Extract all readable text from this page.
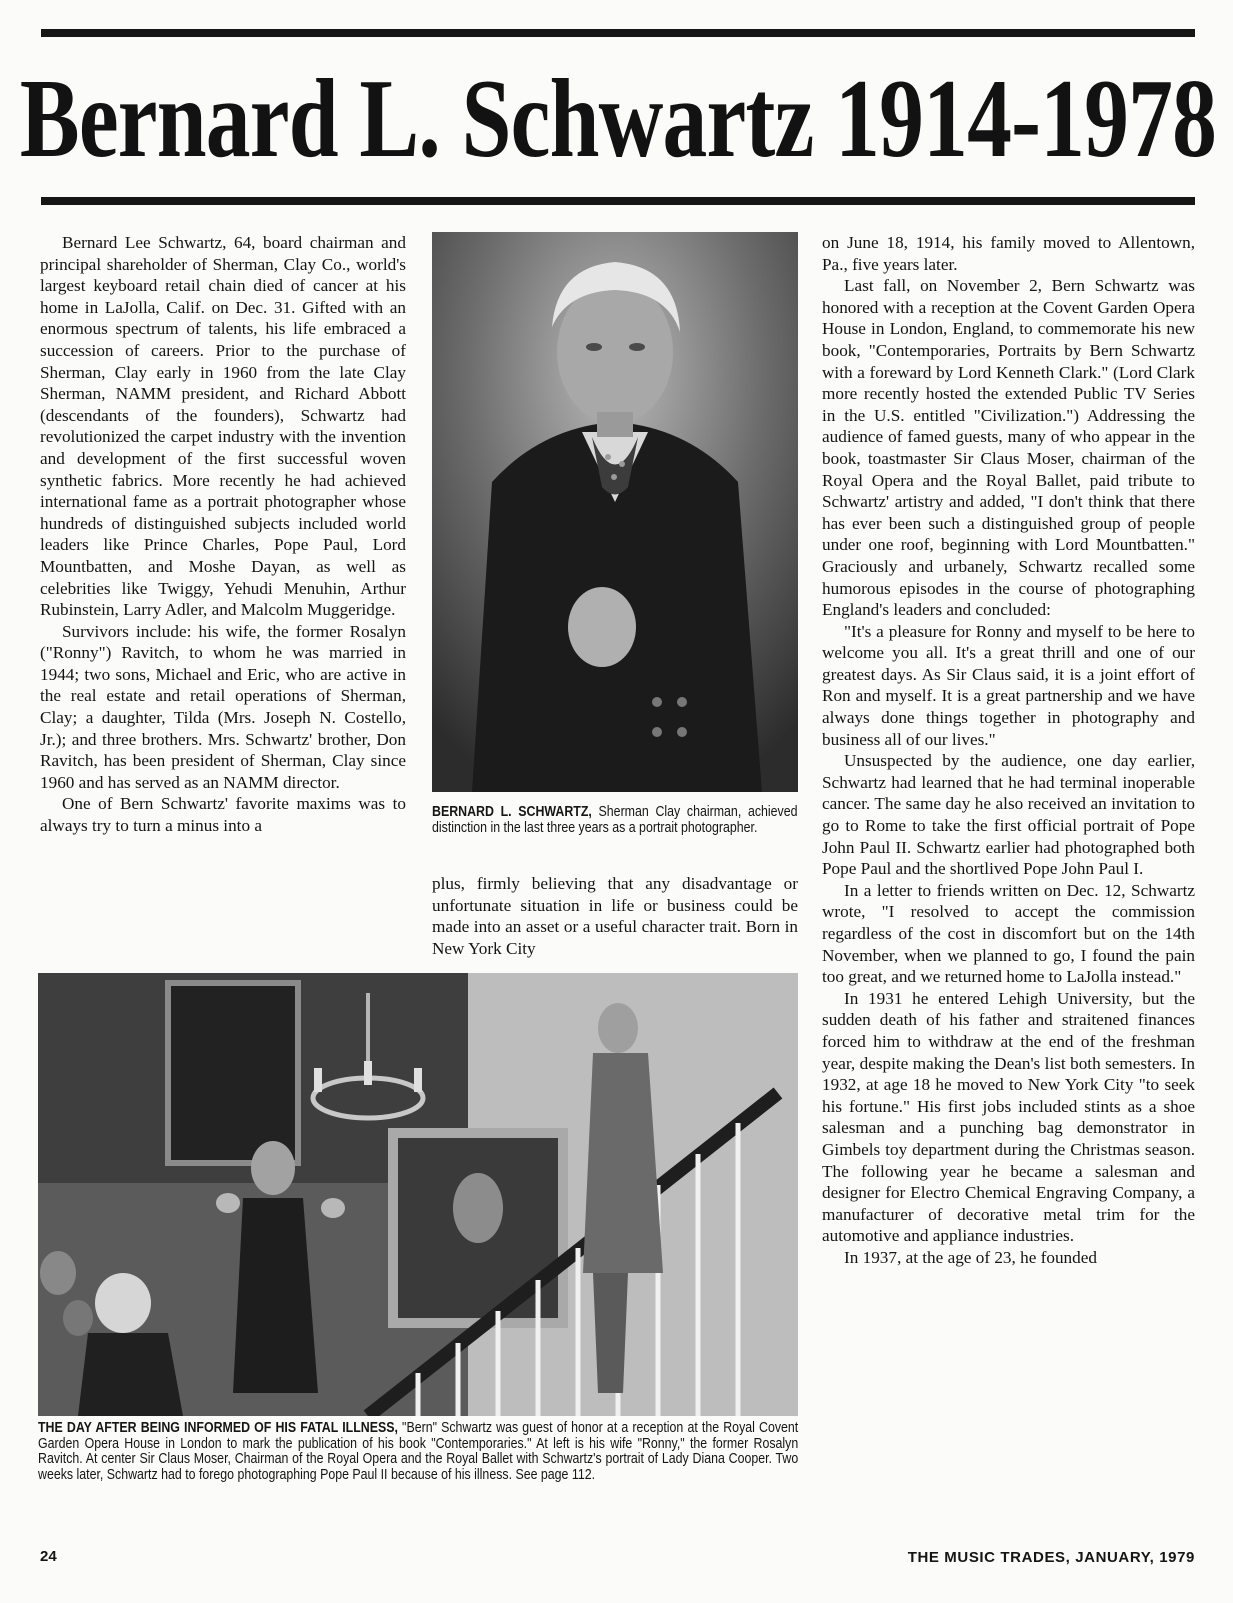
Bernard L. Schwartz 1914-1978

Bernard Lee Schwartz, 64, board chairman and principal shareholder of Sherman, Clay Co., world's largest keyboard retail chain died of cancer at his home in LaJolla, Calif. on Dec. 31. Gifted with an enormous spectrum of talents, his life embraced a succession of careers. Prior to the purchase of Sherman, Clay early in 1960 from the late Clay Sherman, NAMM president, and Richard Abbott (descendants of the founders), Schwartz had revolutionized the carpet industry with the invention and development of the first successful woven synthetic fabrics. More recently he had achieved international fame as a portrait photographer whose hundreds of distinguished subjects included world leaders like Prince Charles, Pope Paul, Lord Mountbatten, and Moshe Dayan, as well as celebrities like Twiggy, Yehudi Menuhin, Arthur Rubinstein, Larry Adler, and Malcolm Muggeridge.

Survivors include: his wife, the former Rosalyn ("Ronny") Ravitch, to whom he was married in 1944; two sons, Michael and Eric, who are active in the real estate and retail operations of Sherman, Clay; a daughter, Tilda (Mrs. Joseph N. Costello, Jr.); and three brothers. Mrs. Schwartz' brother, Don Ravitch, has been president of Sherman, Clay since 1960 and has served as an NAMM director.

One of Bern Schwartz' favorite maxims was to always try to turn a minus into a

BERNARD L. SCHWARTZ, Sherman Clay chairman, achieved distinction in the last three years as a portrait photographer.

plus, firmly believing that any disadvantage or unfortunate situation in life or business could be made into an asset or a useful character trait. Born in New York City

on June 18, 1914, his family moved to Allentown, Pa., five years later.

Last fall, on November 2, Bern Schwartz was honored with a reception at the Covent Garden Opera House in London, England, to commemorate his new book, "Contemporaries, Portraits by Bern Schwartz with a foreward by Lord Kenneth Clark." (Lord Clark more recently hosted the extended Public TV Series in the U.S. entitled "Civilization.") Addressing the audience of famed guests, many of who appear in the book, toastmaster Sir Claus Moser, chairman of the Royal Opera and the Royal Ballet, paid tribute to Schwartz' artistry and added, "I don't think that there has ever been such a distinguished group of people under one roof, beginning with Lord Mountbatten." Graciously and urbanely, Schwartz recalled some humorous episodes in the course of photographing England's leaders and concluded:

"It's a pleasure for Ronny and myself to be here to welcome you all. It's a great thrill and one of our greatest days. As Sir Claus said, it is a joint effort of Ron and myself. It is a great partnership and we have always done things together in photography and business all of our lives."

Unsuspected by the audience, one day earlier, Schwartz had learned that he had terminal inoperable cancer. The same day he also received an invitation to go to Rome to take the first official portrait of Pope John Paul II. Schwartz earlier had photographed both Pope Paul and the shortlived Pope John Paul I.

In a letter to friends written on Dec. 12, Schwartz wrote, "I resolved to accept the commission regardless of the cost in discomfort but on the 14th November, when we planned to go, I found the pain too great, and we returned home to LaJolla instead."

In 1931 he entered Lehigh University, but the sudden death of his father and straitened finances forced him to withdraw at the end of the freshman year, despite making the Dean's list both semesters. In 1932, at age 18 he moved to New York City "to seek his fortune." His first jobs included stints as a shoe salesman and a punching bag demonstrator in Gimbels toy department during the Christmas season. The following year he became a salesman and designer for Electro Chemical Engraving Company, a manufacturer of decorative metal trim for the automotive and appliance industries.

In 1937, at the age of 23, he founded

THE DAY AFTER BEING INFORMED OF HIS FATAL ILLNESS, "Bern" Schwartz was guest of honor at a reception at the Royal Covent Garden Opera House in London to mark the publication of his book "Contemporaries." At left is his wife "Ronny," the former Rosalyn Ravitch. At center Sir Claus Moser, Chairman of the Royal Opera and the Royal Ballet with Schwartz's portrait of Lady Diana Cooper. Two weeks later, Schwartz had to forego photographing Pope Paul II because of his illness. See page 112.
24	THE MUSIC TRADES, JANUARY, 1979
